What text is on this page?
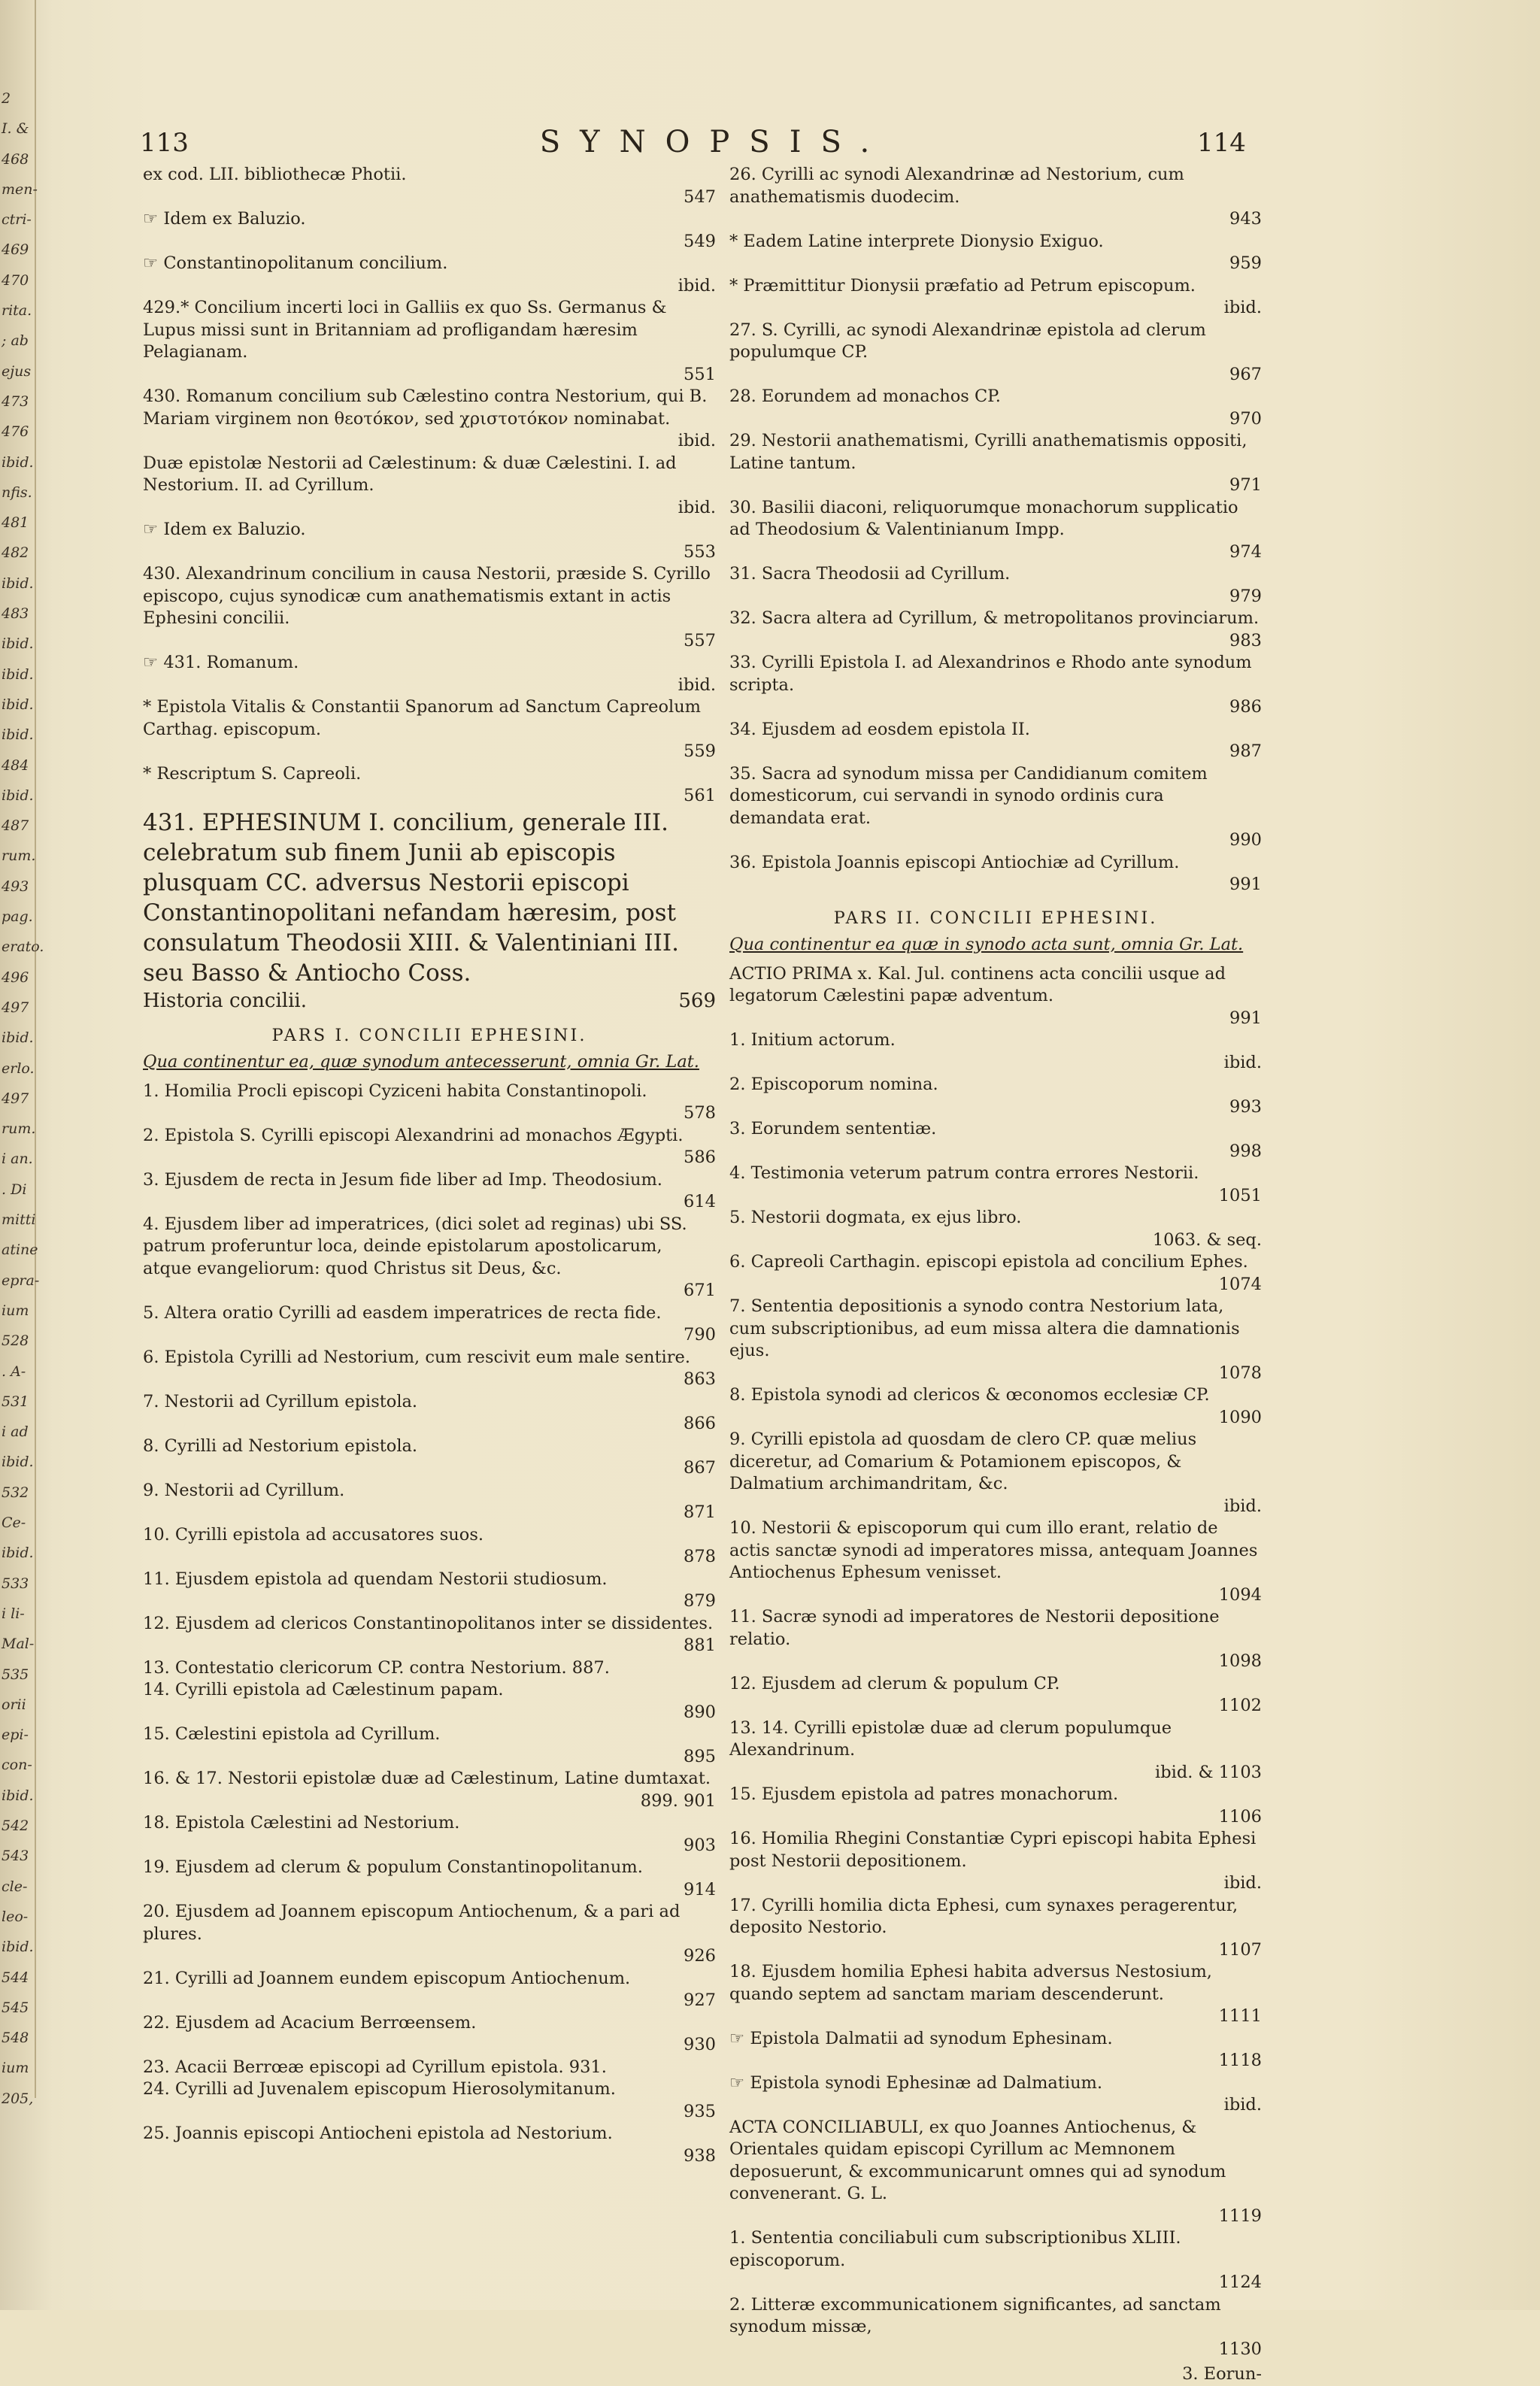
2
I. &
468
men-
ctri-
469
470
rita.
; ab
ejus
473
476
ibid.
nfis.
481
482
ibid.
483
ibid.
ibid.
ibid.
ibid.
484
ibid.
487
rum.
493
pag.
erato.
496
497
ibid.
erlo.
497
rum.
i an.
. Di
mitti
atine
epra-
ium
528
. A-
531
i ad
ibid.
532
Ce-
ibid.
533
i li-
Mal-
535
orii
epi-
con-
ibid.
542
543
cle-
leo-
ibid.
544
545
548
ium
205,
113	SYNOPSIS.	114
ex cod. LII. bibliothecæ Photii.
547
☞ Idem ex Baluzio.
549
☞ Constantinopolitanum concilium.
ibid.
429.* Concilium incerti loci in Galliis ex quo Ss. Germanus & Lupus missi sunt in Britanniam ad profligandam hæresim Pelagianam.
551
430. Romanum concilium sub Cælestino contra Nestorium, qui B. Mariam virginem non θεοτόκον, sed χριστοτόκον nominabat.
ibid.
Duæ epistolæ Nestorii ad Cælestinum: & duæ Cælestini. I. ad Nestorium. II. ad Cyrillum.
ibid.
☞ Idem ex Baluzio.
553
430. Alexandrinum concilium in causa Nestorii, præside S. Cyrillo episcopo, cujus synodicæ cum anathematismis extant in actis Ephesini concilii.
557
☞ 431. Romanum.
ibid.
* Epistola Vitalis & Constantii Spanorum ad Sanctum Capreolum Carthag. episcopum.
559
* Rescriptum S. Capreoli.
561
431. EPHESINUM I. concilium, generale III. celebratum sub finem Junii ab episcopis plusquam CC. adversus Nestorii episcopi Constantinopolitani nefandam hæresim, post consulatum Theodosii XIII. & Valentiniani III. seu Basso & Antiocho Coss.
Historia concilii.	569
PARS I. CONCILII EPHESINI.
Qua continentur ea, quæ synodum antecesserunt, omnia Gr. Lat.
1. Homilia Procli episcopi Cyziceni habita Constantinopoli.
578
2. Epistola S. Cyrilli episcopi Alexandrini ad monachos Ægypti.
586
3. Ejusdem de recta in Jesum fide liber ad Imp. Theodosium.
614
4. Ejusdem liber ad imperatrices, (dici solet ad reginas) ubi SS. patrum proferuntur loca, deinde epistolarum apostolicarum, atque evangeliorum: quod Christus sit Deus, &c.
671
5. Altera oratio Cyrilli ad easdem imperatrices de recta fide.
790
6. Epistola Cyrilli ad Nestorium, cum rescivit eum male sentire.
863
7. Nestorii ad Cyrillum epistola.
866
8. Cyrilli ad Nestorium epistola.
867
9. Nestorii ad Cyrillum.
871
10. Cyrilli epistola ad accusatores suos.
878
11. Ejusdem epistola ad quendam Nestorii studiosum.
879
12. Ejusdem ad clericos Constantinopolitanos inter se dissidentes.
881
13. Contestatio clericorum CP. contra Nestorium. 887.
14. Cyrilli epistola ad Cælestinum papam.
890
15. Cælestini epistola ad Cyrillum.
895
16. & 17. Nestorii epistolæ duæ ad Cælestinum, Latine dumtaxat.
899. 901
18. Epistola Cælestini ad Nestorium.
903
19. Ejusdem ad clerum & populum Constantinopolitanum.
914
20. Ejusdem ad Joannem episcopum Antiochenum, & a pari ad plures.
926
21. Cyrilli ad Joannem eundem episcopum Antiochenum.
927
22. Ejusdem ad Acacium Berrœensem.
930
23. Acacii Berrœæ episcopi ad Cyrillum epistola. 931.
24. Cyrilli ad Juvenalem episcopum Hierosolymitanum.
935
25. Joannis episcopi Antiocheni epistola ad Nestorium.
938
26. Cyrilli ac synodi Alexandrinæ ad Nestorium, cum anathematismis duodecim.
943
* Eadem Latine interprete Dionysio Exiguo.
959
* Præmittitur Dionysii præfatio ad Petrum episcopum.
ibid.
27. S. Cyrilli, ac synodi Alexandrinæ epistola ad clerum populumque CP.
967
28. Eorundem ad monachos CP.
970
29. Nestorii anathematismi, Cyrilli anathematismis oppositi, Latine tantum.
971
30. Basilii diaconi, reliquorumque monachorum supplicatio ad Theodosium & Valentinianum Impp.
974
31. Sacra Theodosii ad Cyrillum.
979
32. Sacra altera ad Cyrillum, & metropolitanos provinciarum.
983
33. Cyrilli Epistola I. ad Alexandrinos e Rhodo ante synodum scripta.
986
34. Ejusdem ad eosdem epistola II.
987
35. Sacra ad synodum missa per Candidianum comitem domesticorum, cui servandi in synodo ordinis cura demandata erat.
990
36. Epistola Joannis episcopi Antiochiæ ad Cyrillum.
991
PARS II. CONCILII EPHESINI.
Qua continentur ea quæ in synodo acta sunt, omnia Gr. Lat.
ACTIO PRIMA x. Kal. Jul. continens acta concilii usque ad legatorum Cælestini papæ adventum.
991
1. Initium actorum.
ibid.
2. Episcoporum nomina.
993
3. Eorundem sententiæ.
998
4. Testimonia veterum patrum contra errores Nestorii.
1051
5. Nestorii dogmata, ex ejus libro.
1063. & seq.
6. Capreoli Carthagin. episcopi epistola ad concilium Ephes.
1074
7. Sententia depositionis a synodo contra Nestorium lata, cum subscriptionibus, ad eum missa altera die damnationis ejus.
1078
8. Epistola synodi ad clericos & œconomos ecclesiæ CP.
1090
9. Cyrilli epistola ad quosdam de clero CP. quæ melius diceretur, ad Comarium & Potamionem episcopos, & Dalmatium archimandritam, &c.
ibid.
10. Nestorii & episcoporum qui cum illo erant, relatio de actis sanctæ synodi ad imperatores missa, antequam Joannes Antiochenus Ephesum venisset.
1094
11. Sacræ synodi ad imperatores de Nestorii depositione relatio.
1098
12. Ejusdem ad clerum & populum CP.
1102
13. 14. Cyrilli epistolæ duæ ad clerum populumque Alexandrinum.
ibid. & 1103
15. Ejusdem epistola ad patres monachorum.
1106
16. Homilia Rhegini Constantiæ Cypri episcopi habita Ephesi post Nestorii depositionem.
ibid.
17. Cyrilli homilia dicta Ephesi, cum synaxes peragerentur, deposito Nestorio.
1107
18. Ejusdem homilia Ephesi habita adversus Nestosium, quando septem ad sanctam mariam descenderunt.
1111
☞ Epistola Dalmatii ad synodum Ephesinam.
1118
☞ Epistola synodi Ephesinæ ad Dalmatium.
ibid.
ACTA CONCILIABULI, ex quo Joannes Antiochenus, & Orientales quidam episcopi Cyrillum ac Memnonem deposuerunt, & excommunicarunt omnes qui ad synodum convenerant. G. L.
1119
1. Sententia conciliabuli cum subscriptionibus XLIII. episcoporum.
1124
2. Litteræ excommunicationem significantes, ad sanctam synodum missæ,
1130
3. Eorun-
